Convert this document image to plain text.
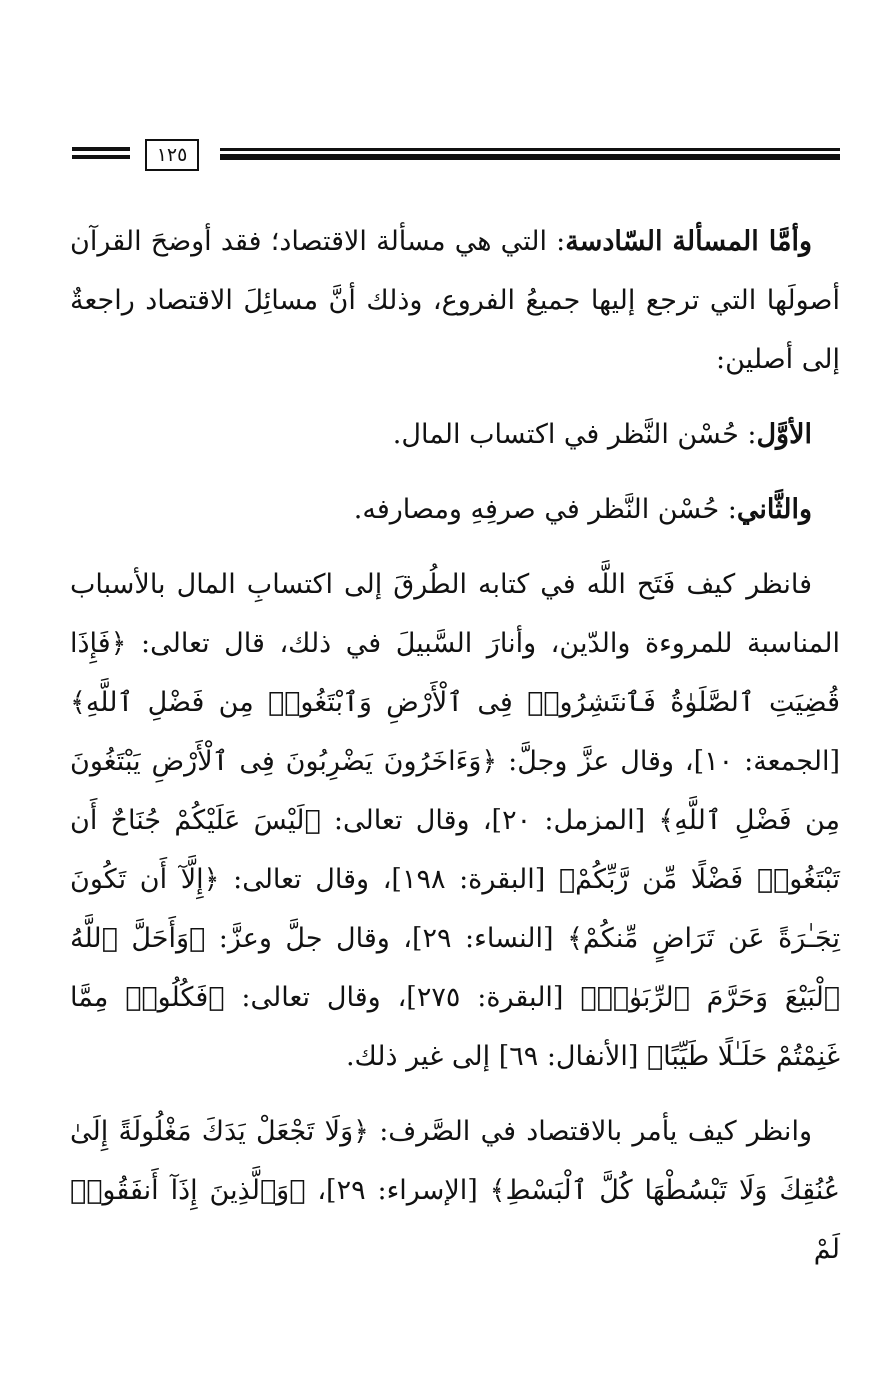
١٢٥

وأمَّا المسألة السّادسة: التي هي مسألة الاقتصاد؛ فقد أوضحَ القرآن أصولَها التي ترجع إليها جميعُ الفروع، وذلك أنَّ مسائِلَ الاقتصاد راجعةٌ إلى أصلين:

الأوَّل: حُسْن النَّظر في اكتساب المال.

والثَّاني: حُسْن النَّظر في صرفِهِ ومصارفه.

فانظر كيف فَتَح اللَّه في كتابه الطُرقَ إلى اكتسابِ المال بالأسباب المناسبة للمروءة والدّين، وأنارَ السَّبيلَ في ذلك، قال تعالى: ﴿فَإِذَا قُضِيَتِ ٱلصَّلَوٰةُ فَٱنتَشِرُوا۟ فِى ٱلْأَرْضِ وَٱبْتَغُوا۟ مِن فَضْلِ ٱللَّهِ﴾ [الجمعة: ١٠]، وقال عزَّ وجلَّ: ﴿وَءَاخَرُونَ يَضْرِبُونَ فِى ٱلْأَرْضِ يَبْتَغُونَ مِن فَضْلِ ٱللَّهِ﴾ [المزمل: ٢٠]، وقال تعالى: ﴿لَيْسَ عَلَيْكُمْ جُنَاحٌ أَن تَبْتَغُوا۟ فَضْلًا مِّن رَّبِّكُمْ﴾ [البقرة: ١٩٨]، وقال تعالى: ﴿إِلَّآ أَن تَكُونَ تِجَـٰرَةً عَن تَرَاضٍ مِّنكُمْ﴾ [النساء: ٢٩]، وقال جلَّ وعزَّ: ﴿وَأَحَلَّ ٱللَّهُ ٱلْبَيْعَ وَحَرَّمَ ٱلرِّبَوٰا۟﴾ [البقرة: ٢٧٥]، وقال تعالى: ﴿فَكُلُوا۟ مِمَّا غَنِمْتُمْ حَلَـٰلًا طَيِّبًا﴾ [الأنفال: ٦٩] إلى غير ذلك.

وانظر كيف يأمر بالاقتصاد في الصَّرف: ﴿وَلَا تَجْعَلْ يَدَكَ مَغْلُولَةً إِلَىٰ عُنُقِكَ وَلَا تَبْسُطْهَا كُلَّ ٱلْبَسْطِ﴾ [الإسراء: ٢٩]، ﴿وَٱلَّذِينَ إِذَآ أَنفَقُوا۟ لَمْ
